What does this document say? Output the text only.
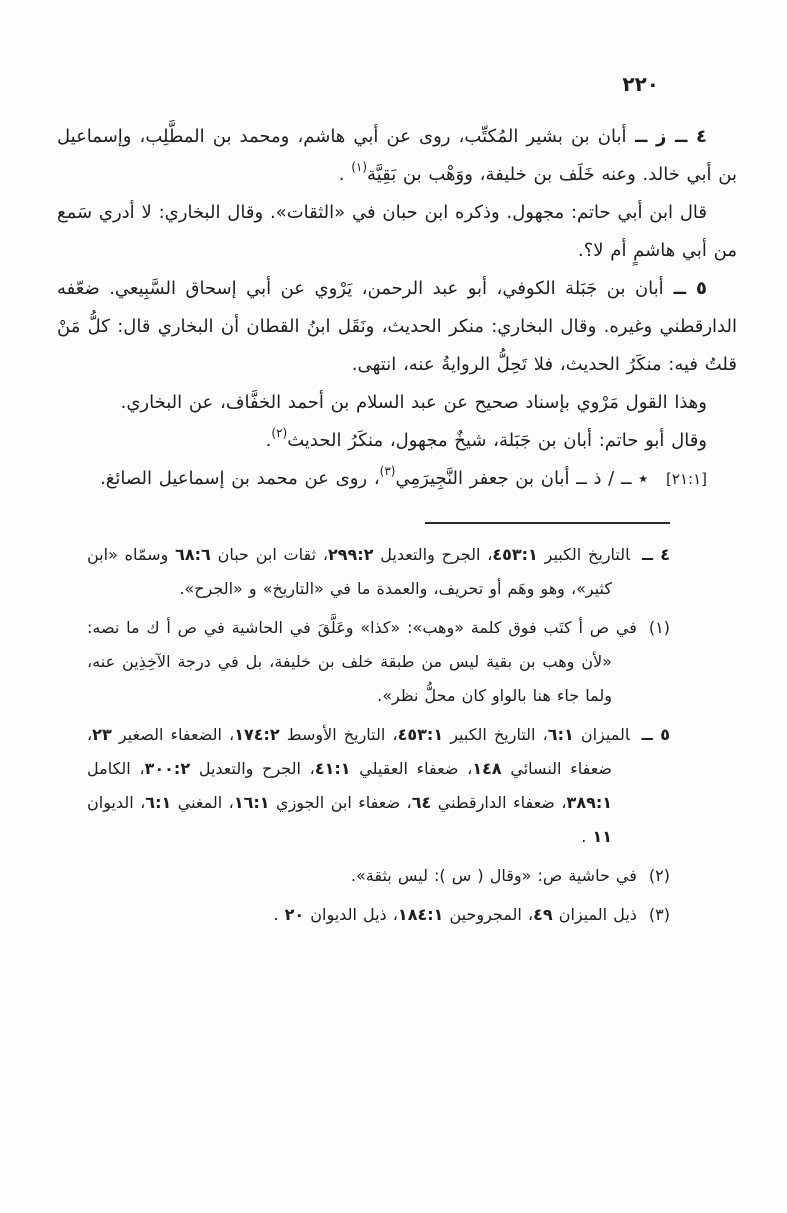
٢٢٠

٤ ــ ز ــ أبان بن بشير المُكتِّب، روى عن أبي هاشم، ومحمد بن المطَّلِب، وإسماعيل بن أبي خالد. وعنه خَلَف بن خليفة، ووَهْب بن بَقِيَّة$^{(١)}$ .

قال ابن أبي حاتم: مجهول. وذكره ابن حبان في «الثقات». وقال البخاري: لا أدري سَمع من أبي هاشمٍ أم لا؟.

٥ ــ أبان بن جَبَلة الكوفي، أبو عبد الرحمن، يَرْوي عن أبي إسحاق السَّبِيعي. ضعّفه الدارقطني وغيره. وقال البخاري: منكر الحديث، ونَقَل ابنُ القطان أن البخاري قال: كلُّ مَنْ قلتُ فيه: منكَرُ الحديث، فلا تَحِلُّ الروايةُ عنه، انتهى.

وهذا القول مَرْوي بإسناد صحيح عن عبد السلام بن أحمد الخفَّاف، عن البخاري.

وقال أبو حاتم: أبان بن جَبَلة، شيخٌ مجهول، منكَرُ الحديث$^{(٢)}$.

[٢١:١]٭ ــ / ذ ــ أبان بن جعفر النَّجِيرَمِي$^{(٣)}$، روى عن محمد بن إسماعيل الصائغ.

٤ ــالتاريخ الكبير ٤٥٣:١، الجرح والتعديل ٢٩٩:٢، ثقات ابن حبان ٦٨:٦ وسمّاه «ابن كثير»، وهو وهَم أو تحريف، والعمدة ما في «التاريخ» و «الجرح».
(١)في ص أ كتَب فوق كلمة «وهب»: «كذا» وعَلَّقَ في الحاشية في ص أ ك ما نصه: «لأن وهب بن بقية ليس من طبقة خلف بن خليفة، بل في درجة الآخِذِين عنه، ولما جاء هنا بالواو كان محلُّ نظر».
٥ ــالميزان ٦:١، التاريخ الكبير ٤٥٣:١، التاريخ الأوسط ١٧٤:٢، الضعفاء الصغير ٢٣، ضعفاء النسائي ١٤٨، ضعفاء العقيلي ٤١:١، الجرح والتعديل ٣٠٠:٢، الكامل ٣٨٩:١، ضعفاء الدارقطني ٦٤، ضعفاء ابن الجوزي ١٦:١، المغني ٦:١، الديوان ١١ .
(٢)في حاشية ص: «وقال ( س ): ليس بثقة».
(٣)ذيل الميزان ٤٩، المجروحين ١٨٤:١، ذيل الديوان ٢٠ .
